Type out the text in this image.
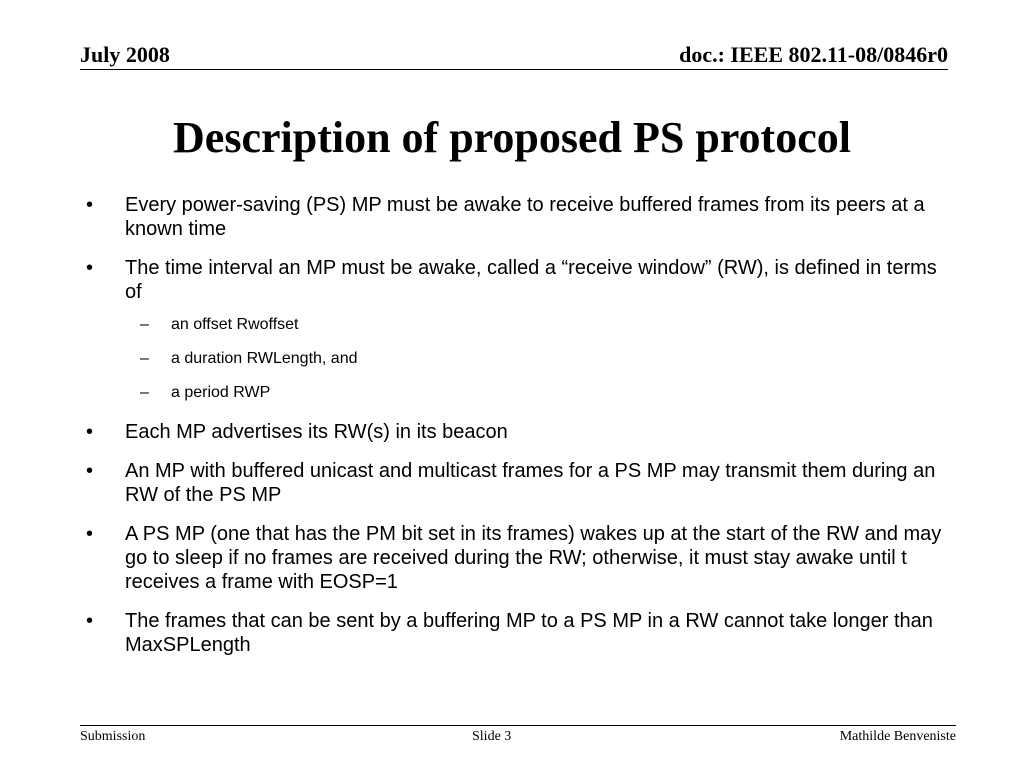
July 2008	doc.: IEEE 802.11-08/0846r0
Description of proposed PS protocol
• Every power-saving (PS) MP must be awake to receive buffered frames from its peers at a known time
• The time interval an MP must be awake, called a “receive window” (RW), is defined in terms of
– an offset Rwoffset
– a duration RWLength, and
– a period RWP
• Each MP advertises its RW(s) in its beacon
• An MP with buffered unicast and multicast frames for a PS MP may transmit them during an RW of the PS MP
• A PS MP (one that has the PM bit set in its frames) wakes up at the start of the RW and may go to sleep if no frames are received during the RW; otherwise, it must stay awake until t receives a frame with EOSP=1
• The frames that can be sent by a buffering MP to a PS MP in a RW cannot take longer than MaxSPLength
Submission	Slide 3	Mathilde Benveniste
